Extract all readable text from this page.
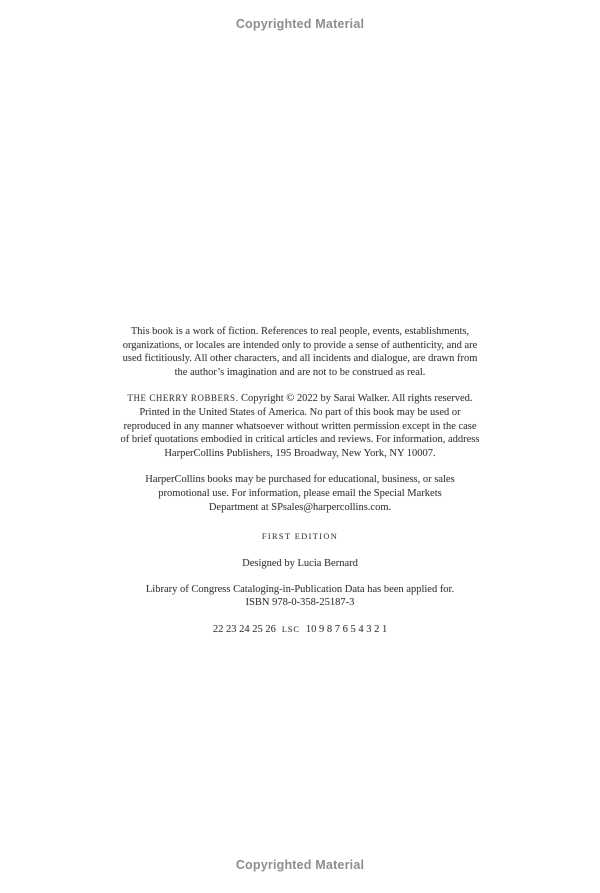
Copyrighted Material

This book is a work of fiction. References to real people, events, establishments,
organizations, or locales are intended only to provide a sense of authenticity, and are
used fictitiously. All other characters, and all incidents and dialogue, are drawn from
the author’s imagination and are not to be construed as real.

THE CHERRY ROBBERS. Copyright © 2022 by Sarai Walker. All rights reserved.
Printed in the United States of America. No part of this book may be used or
reproduced in any manner whatsoever without written permission except in the case
of brief quotations embodied in critical articles and reviews. For information, address
HarperCollins Publishers, 195 Broadway, New York, NY 10007.

HarperCollins books may be purchased for educational, business, or sales
promotional use. For information, please email the Special Markets
Department at SPsales@harpercollins.com.

FIRST EDITION

Designed by Lucia Bernard

Library of Congress Cataloging-in-Publication Data has been applied for.
ISBN 978-0-358-25187-3

22 23 24 25 26 LSC 10 9 8 7 6 5 4 3 2 1

Copyrighted Material
